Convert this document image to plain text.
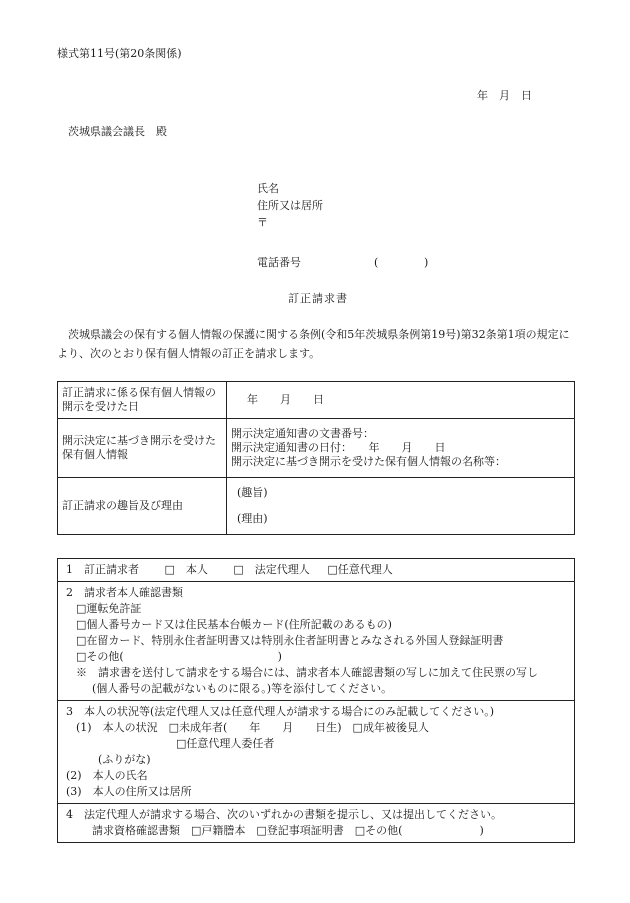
様式第11号(第20条関係)
年　月　日
茨城県議会議長　殿
氏名
住所又は居所
〒
電話番号	(	)
訂正請求書
茨城県議会の保有する個人情報の保護に関する条例(令和5年茨城県条例第19号)第32条第1項の規定により、次のとおり保有個人情報の訂正を請求します。
訂正請求に係る保有個人情報の開示を受けた日	年　　月　　日
開示決定に基づき開示を受けた保有個人情報	開示決定通知書の文書番号：
開示決定通知書の日付：　　年　　月　　日
開示決定に基づき開示を受けた保有個人情報の名称等：

訂正請求の趣旨及び理由	(趣旨)
(理由)
1　訂正請求者 □　本人 □　法定代理人 □任意代理人

2　請求者本人確認書類
□運転免許証
□個人番号カード又は住民基本台帳カード(住所記載のあるもの)
□在留カード、特別永住者証明書又は特別永住者証明書とみなされる外国人登録証明書
□その他(　　　　　　　　　　　　　　)
※　請求書を送付して請求をする場合には、請求者本人確認書類の写しに加えて住民票の写し
(個人番号の記載がないものに限る。)等を添付してください。

3　本人の状況等(法定代理人又は任意代理人が請求する場合にのみ記載してください。)
(1)　本人の状況　□未成年者(　　年　　月　　日生)　□成年被後見人
□任意代理人委任者
(ふりがな)
(2)　本人の氏名
(3)　本人の住所又は居所

4　法定代理人が請求する場合、次のいずれかの書類を提示し、又は提出してください。
請求資格確認書類　□戸籍謄本　□登記事項証明書　□その他(　　　　　　　)
